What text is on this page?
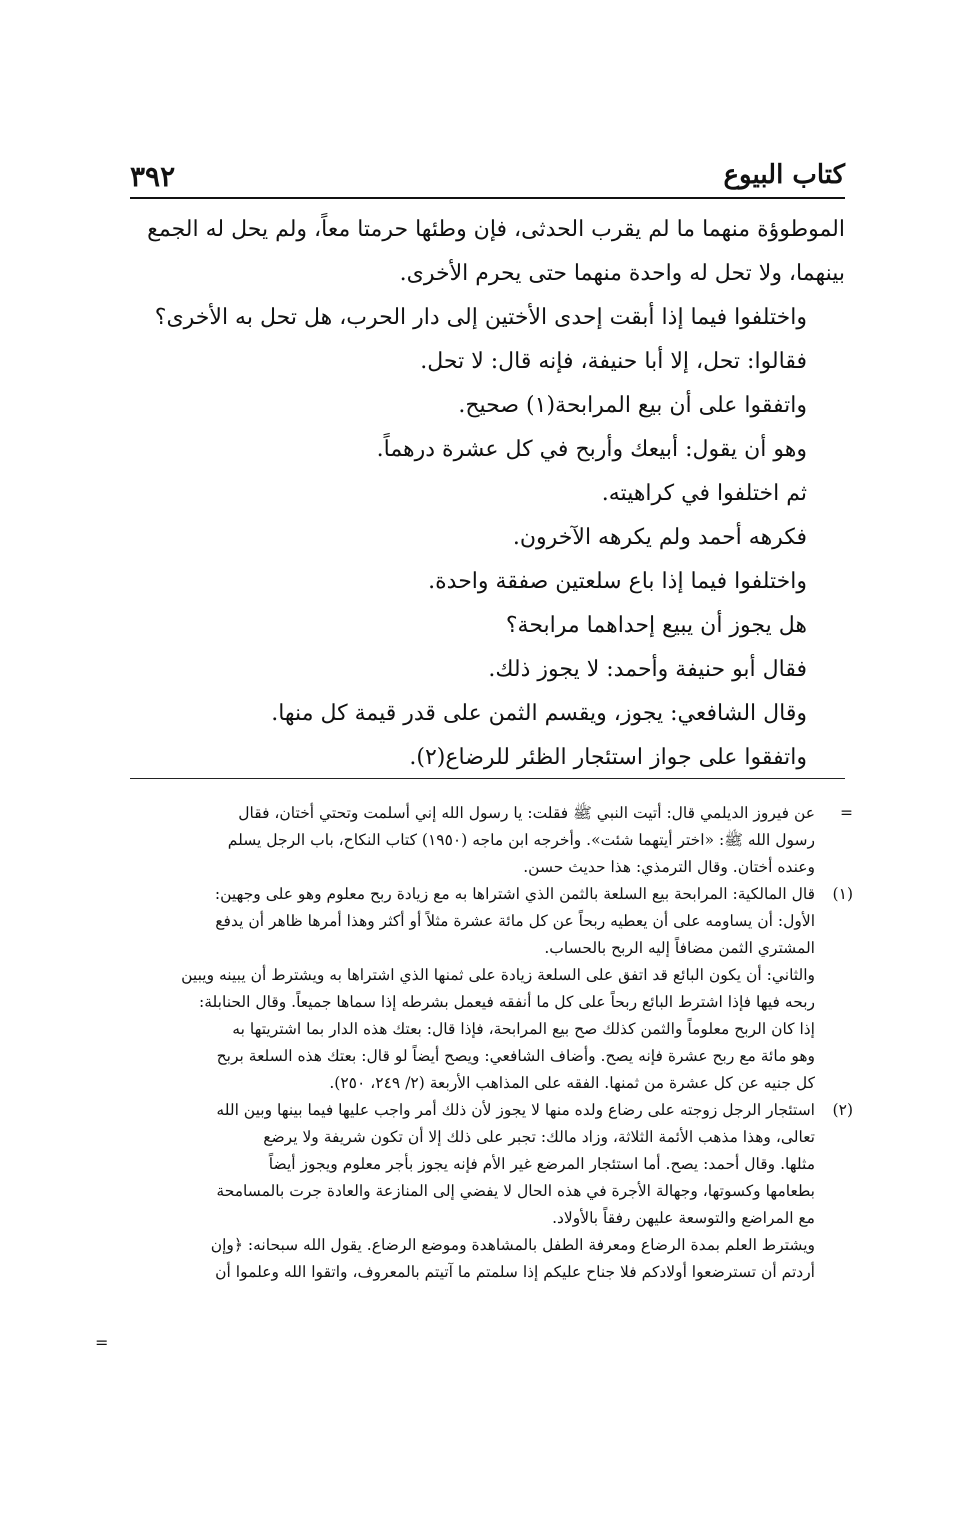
كتاب البيوع
٣٩٢
الموطوؤة منهما ما لم يقرب الحدثى، فإن وطئها حرمتا معاً، ولم يحل له الجمع
بينهما، ولا تحل له واحدة منهما حتى يحرم الأخرى.
واختلفوا فيما إذا أبقت إحدى الأختين إلى دار الحرب، هل تحل به الأخرى؟
فقالوا: تحل، إلا أبا حنيفة، فإنه قال: لا تحل.
واتفقوا على أن بيع المرابحة(١) صحيح.
وهو أن يقول: أبيعك وأربح في كل عشرة درهماً.
ثم اختلفوا في كراهيته.
فكرهه أحمد ولم يكرهه الآخرون.
واختلفوا فيما إذا باع سلعتين صفقة واحدة.
هل يجوز أن يبيع إحداهما مرابحة؟
فقال أبو حنيفة وأحمد: لا يجوز ذلك.
وقال الشافعي: يجوز، ويقسم الثمن على قدر قيمة كل منها.
واتفقوا على جواز استئجار الظئر للرضاع(٢).
=
عن فيروز الديلمي قال: أتيت النبي ﷺ فقلت: يا رسول الله إني أسلمت وتحتي أختان، فقال
رسول الله ﷺ: «اختر أيتهما شئت». وأخرجه ابن ماجه (١٩٥٠) كتاب النكاح، باب الرجل يسلم
وعنده أختان. وقال الترمذي: هذا حديث حسن.
(١)
قال المالكية: المرابحة بيع السلعة بالثمن الذي اشتراها به مع زيادة ربح معلوم وهو على وجهين:
الأول: أن يساومه على أن يعطيه ربحاً عن كل مائة عشرة مثلاً أو أكثر وهذا أمرها ظاهر أن يدفع
المشتري الثمن مضافاً إليه الربح بالحساب.
والثاني: أن يكون البائع قد اتفق على السلعة زيادة على ثمنها الذي اشتراها به ويشترط أن يبينه ويبين
ربحه فيها فإذا اشترط البائع ربحاً على كل ما أنفقه فيعمل بشرطه إذا سماها جميعاً. وقال الحنابلة:
إذا كان الربح معلوماً والثمن كذلك صح بيع المرابحة، فإذا قال: بعتك هذه الدار بما اشتريتها به
وهو مائة مع ربح عشرة فإنه يصح. وأضاف الشافعي: ويصح أيضاً لو قال: بعتك هذه السلعة بربح
كل جنيه عن كل عشرة من ثمنها. الفقه على المذاهب الأربعة (٢/ ٢٤٩، ٢٥٠).
(٢)
استئجار الرجل زوجته على رضاع ولده منها لا يجوز لأن ذلك أمر واجب عليها فيما بينها وبين الله
تعالى، وهذا مذهب الأئمة الثلاثة، وزاد مالك: تجبر على ذلك إلا أن تكون شريفة ولا يرضع
مثلها. وقال أحمد: يصح. أما استئجار المرضع غير الأم فإنه يجوز بأجر معلوم ويجوز أيضاً
بطعامها وكسوتها، وجهالة الأجرة في هذه الحال لا يفضي إلى المنازعة والعادة جرت بالمسامحة
مع المراضع والتوسعة عليهن رفقاً بالأولاد.
ويشترط العلم بمدة الرضاع ومعرفة الطفل بالمشاهدة وموضع الرضاع. يقول الله سبحانه: ﴿وإن
أردتم أن تسترضعوا أولادكم فلا جناح عليكم إذا سلمتم ما آتيتم بالمعروف، واتقوا الله وعلموا أن
=
